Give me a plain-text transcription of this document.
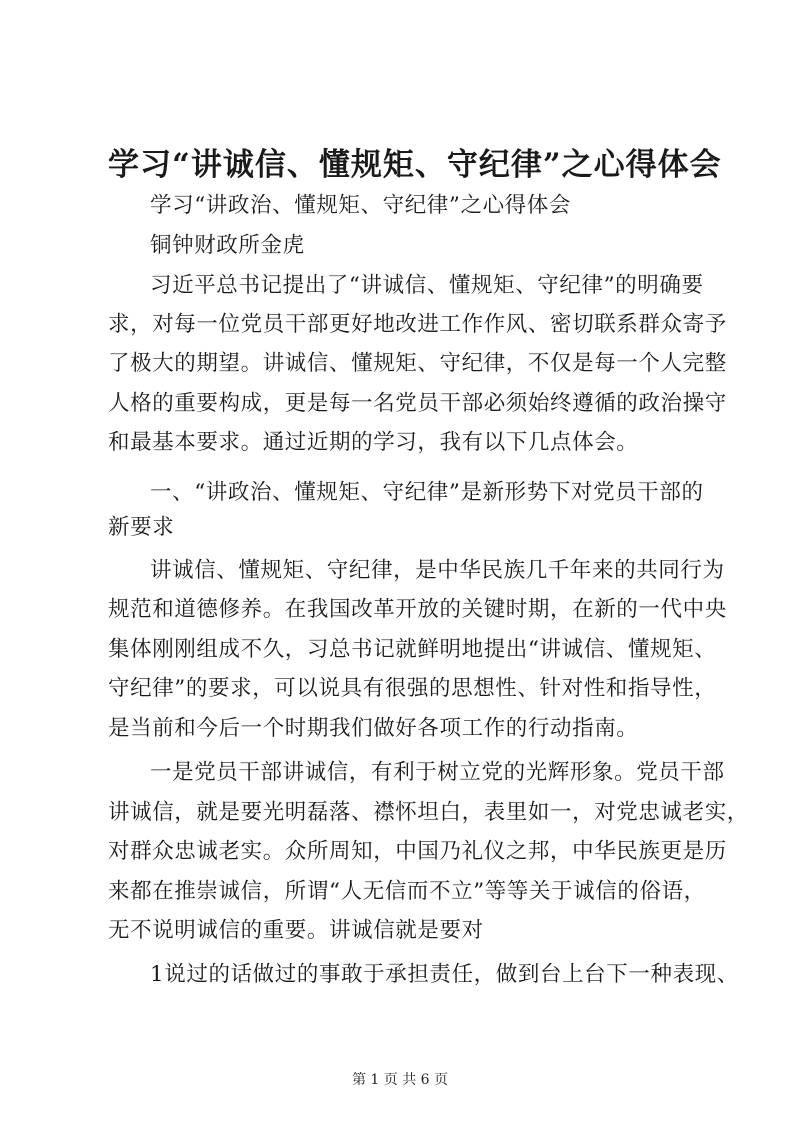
学习“讲诚信、懂规矩、守纪律”之心得体会
学习“讲政治、懂规矩、守纪律”之心得体会
铜钟财政所金虎
习近平总书记提出了“讲诚信、懂规矩、守纪律”的明确要
求，对每一位党员干部更好地改进工作作风、密切联系群众寄予
了极大的期望。讲诚信、懂规矩、守纪律，不仅是每一个人完整
人格的重要构成，更是每一名党员干部必须始终遵循的政治操守
和最基本要求。通过近期的学习，我有以下几点体会。
一、“讲政治、懂规矩、守纪律”是新形势下对党员干部的
新要求
讲诚信、懂规矩、守纪律，是中华民族几千年来的共同行为
规范和道德修养。在我国改革开放的关键时期，在新的一代中央
集体刚刚组成不久，习总书记就鲜明地提出“讲诚信、懂规矩、
守纪律”的要求，可以说具有很强的思想性、针对性和指导性，
是当前和今后一个时期我们做好各项工作的行动指南。
一是党员干部讲诚信，有利于树立党的光辉形象。党员干部
讲诚信，就是要光明磊落、襟怀坦白，表里如一，对党忠诚老实，
对群众忠诚老实。众所周知，中国乃礼仪之邦，中华民族更是历
来都在推崇诚信，所谓“人无信而不立”等等关于诚信的俗语，
无不说明诚信的重要。讲诚信就是要对
1说过的话做过的事敢于承担责任，做到台上台下一种表现、
第 1 页 共 6 页
